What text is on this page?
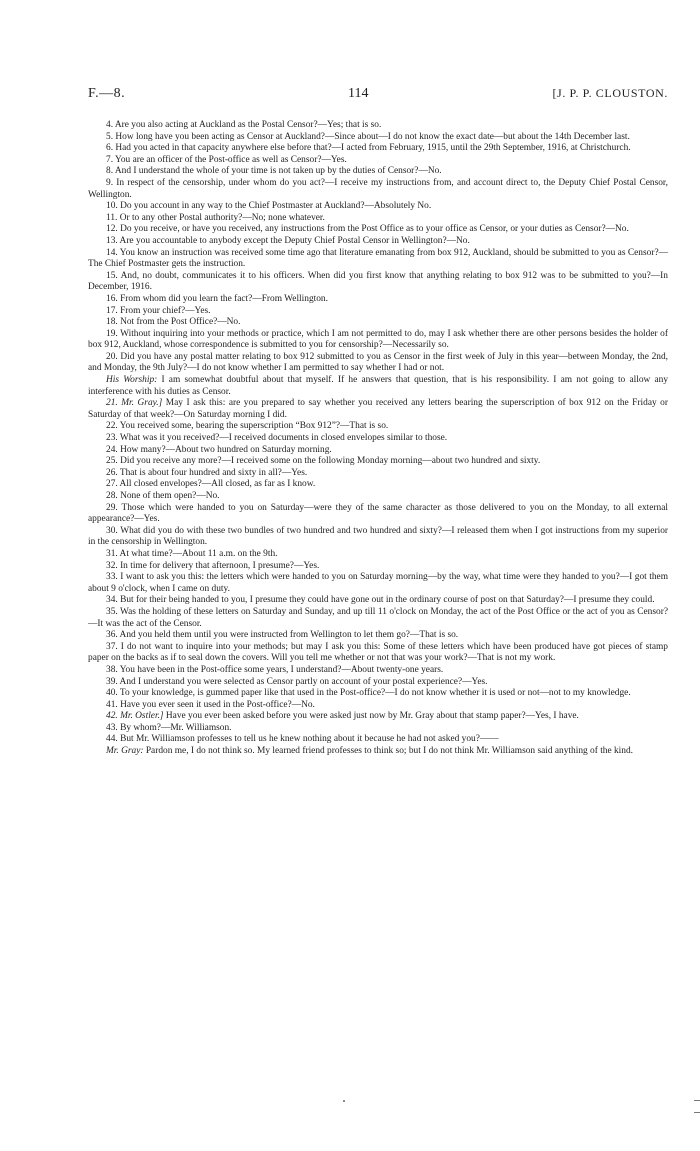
F.—8.	114	[J. P. P. CLOUSTON.

4. Are you also acting at Auckland as the Postal Censor?—Yes; that is so.

5. How long have you been acting as Censor at Auckland?—Since about—I do not know the exact date—but about the 14th December last.

6. Had you acted in that capacity anywhere else before that?—I acted from February, 1915, until the 29th September, 1916, at Christchurch.

7. You are an officer of the Post-office as well as Censor?—Yes.

8. And I understand the whole of your time is not taken up by the duties of Censor?—No.

9. In respect of the censorship, under whom do you act?—I receive my instructions from, and account direct to, the Deputy Chief Postal Censor, Wellington.

10. Do you account in any way to the Chief Postmaster at Auckland?—Absolutely No.

11. Or to any other Postal authority?—No; none whatever.

12. Do you receive, or have you received, any instructions from the Post Office as to your office as Censor, or your duties as Censor?—No.

13. Are you accountable to anybody except the Deputy Chief Postal Censor in Wellington?—No.

14. You know an instruction was received some time ago that literature emanating from box 912, Auckland, should be submitted to you as Censor?—The Chief Postmaster gets the instruction.

15. And, no doubt, communicates it to his officers. When did you first know that anything relating to box 912 was to be submitted to you?—In December, 1916.

16. From whom did you learn the fact?—From Wellington.

17. From your chief?—Yes.

18. Not from the Post Office?—No.

19. Without inquiring into your methods or practice, which I am not permitted to do, may I ask whether there are other persons besides the holder of box 912, Auckland, whose correspondence is submitted to you for censorship?—Necessarily so.

20. Did you have any postal matter relating to box 912 submitted to you as Censor in the first week of July in this year—between Monday, the 2nd, and Monday, the 9th July?—I do not know whether I am permitted to say whether I had or not.

His Worship: I am somewhat doubtful about that myself. If he answers that question, that is his responsibility. I am not going to allow any interference with his duties as Censor.

21. Mr. Gray.] May I ask this: are you prepared to say whether you received any letters bearing the superscription of box 912 on the Friday or Saturday of that week?—On Saturday morning I did.

22. You received some, bearing the superscription “Box 912”?—That is so.

23. What was it you received?—I received documents in closed envelopes similar to those.

24. How many?—About two hundred on Saturday morning.

25. Did you receive any more?—I received some on the following Monday morning—about two hundred and sixty.

26. That is about four hundred and sixty in all?—Yes.

27. All closed envelopes?—All closed, as far as I know.

28. None of them open?—No.

29. Those which were handed to you on Saturday—were they of the same character as those delivered to you on the Monday, to all external appearance?—Yes.

30. What did you do with these two bundles of two hundred and two hundred and sixty?—I released them when I got instructions from my superior in the censorship in Wellington.

31. At what time?—About 11 a.m. on the 9th.

32. In time for delivery that afternoon, I presume?—Yes.

33. I want to ask you this: the letters which were handed to you on Saturday morning—by the way, what time were they handed to you?—I got them about 9 o'clock, when I came on duty.

34. But for their being handed to you, I presume they could have gone out in the ordinary course of post on that Saturday?—I presume they could.

35. Was the holding of these letters on Saturday and Sunday, and up till 11 o'clock on Monday, the act of the Post Office or the act of you as Censor?—It was the act of the Censor.

36. And you held them until you were instructed from Wellington to let them go?—That is so.

37. I do not want to inquire into your methods; but may I ask you this: Some of these letters which have been produced have got pieces of stamp paper on the backs as if to seal down the covers. Will you tell me whether or not that was your work?—That is not my work.

38. You have been in the Post-office some years, I understand?—About twenty-one years.

39. And I understand you were selected as Censor partly on account of your postal experience?—Yes.

40. To your knowledge, is gummed paper like that used in the Post-office?—I do not know whether it is used or not—not to my knowledge.

41. Have you ever seen it used in the Post-office?—No.

42. Mr. Ostler.] Have you ever been asked before you were asked just now by Mr. Gray about that stamp paper?—Yes, I have.

43. By whom?—Mr. Williamson.

44. But Mr. Williamson professes to tell us he knew nothing about it because he had not asked you?——

Mr. Gray: Pardon me, I do not think so. My learned friend professes to think so; but I do not think Mr. Williamson said anything of the kind.
